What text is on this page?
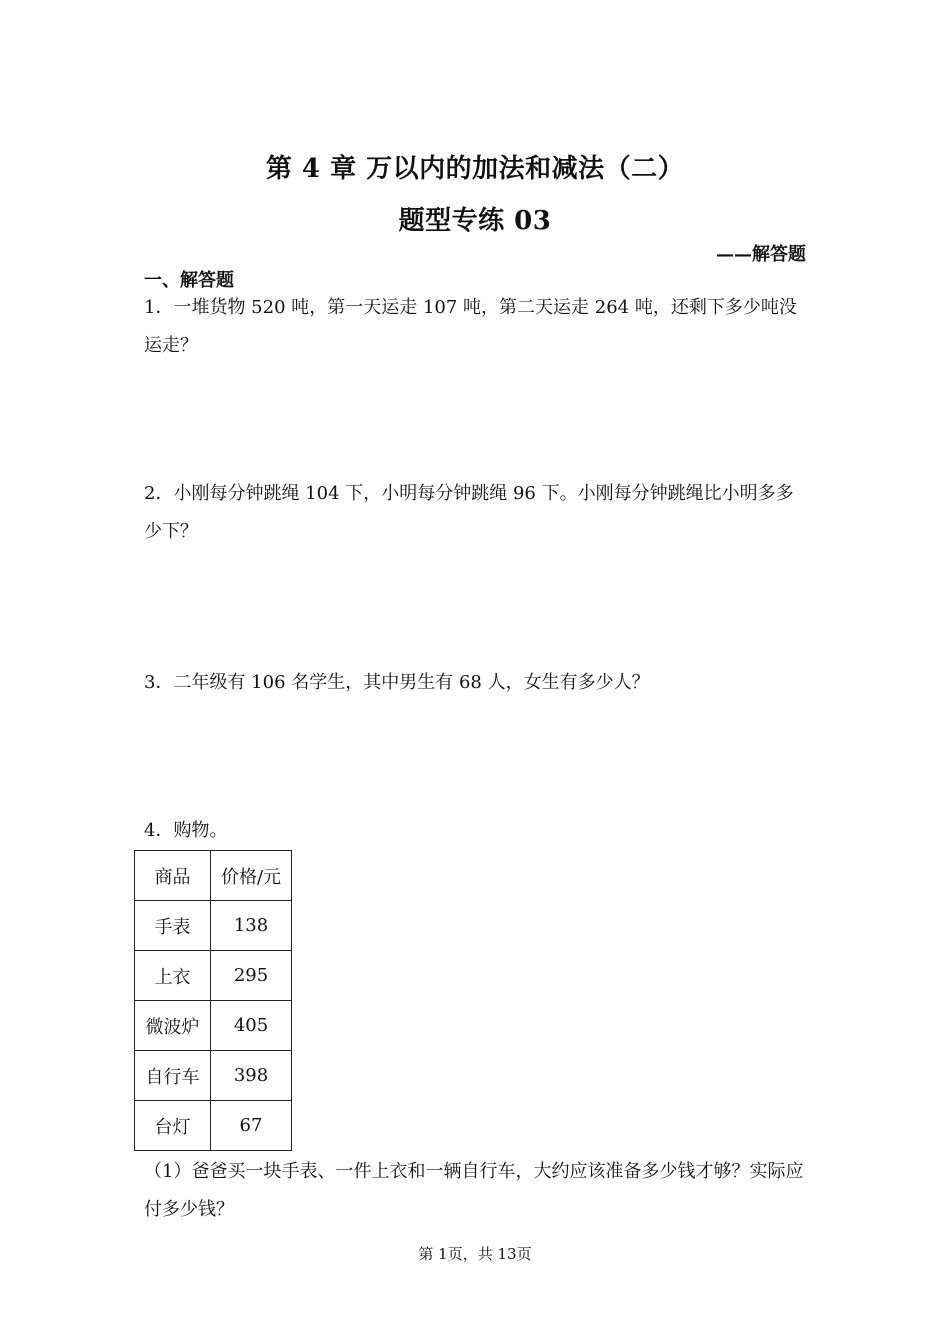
第 4 章 万以内的加法和减法（二）
题型专练 03
——解答题
一、解答题
1．一堆货物 520 吨，第一天运走 107 吨，第二天运走 264 吨，还剩下多少吨没运走？
2．小刚每分钟跳绳 104 下，小明每分钟跳绳 96 下。小刚每分钟跳绳比小明多多少下？
3．二年级有 106 名学生，其中男生有 68 人，女生有多少人？
4．购物。
商品	价格/元
手表	138
上衣	295
微波炉	405
自行车	398
台灯	67
（1）爸爸买一块手表、一件上衣和一辆自行车，大约应该准备多少钱才够？实际应付多少钱？
第 1页，共 13页
